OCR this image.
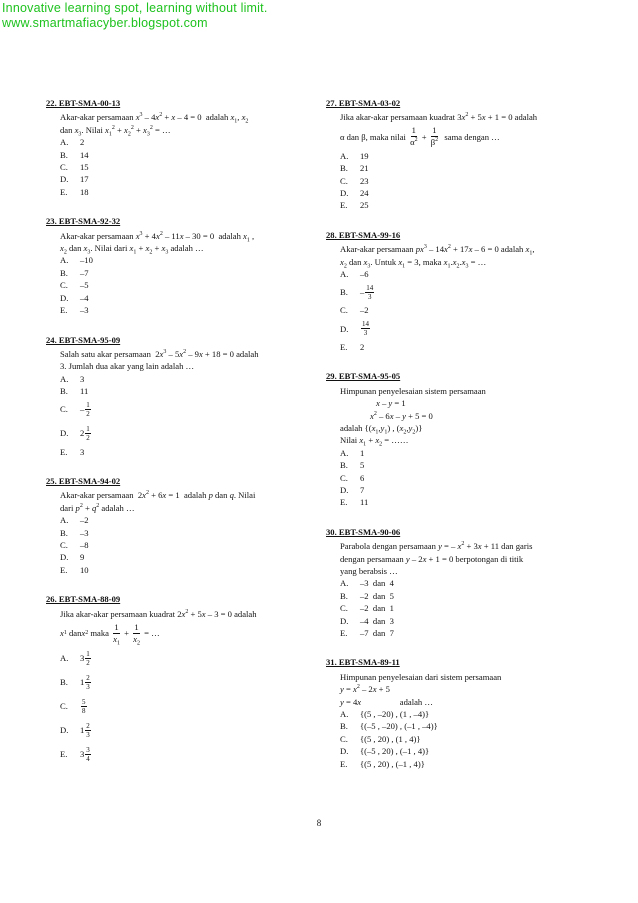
Innovative learning spot, learning without limit.
www.smartmafiacyber.blogspot.com
22. EBT-SMA-00-13
Akar-akar persamaan $x^3 - 4x^2 + x - 4 = 0$  adalah $x_1$, $x_2$
dan $x_3$. Nilai $x_1^2 + x_2^2 + x_3^2$ = …
A.	2
B.	14
C.	15
D.	17
E.	18
23. EBT-SMA-92-32
Akar-akar persamaan $x^3 + 4x^2 - 11x - 30 = 0$  adalah $x_1$ ,
$x_2$ dan $x_3$. Nilai dari $x_1 + x_2 + x_3$ adalah …
A.	–10
B.	–7
C.	–5
D.	–4
E.	–3
24. EBT-SMA-95-09
Salah satu akar persamaan  $2x^3 - 5x^2 - 9x + 18 = 0$ adalah
3. Jumlah dua akar yang lain adalah …
A.	3
B.	11
C.	– $\frac{1}{2}$
D.	$2 \frac{1}{2}$
E.	3
25. EBT-SMA-94-02
Akar-akar persamaan  $2x^2 + 6x = 1$  adalah p dan q. Nilai
dari $p^2 + q^2$ adalah …
A.	–2
B.	–3
C.	–8
D.	9
E.	10
26. EBT-SMA-88-09
Jika akar-akar persamaan kuadrat $2x^2 + 5x - 3 = 0$ adalah
x 1 dan x 2 maka $\frac{1}{x_1} + \frac{1}{x_2}$ = …
A.	$3 \frac{1}{2}$
B.	$1 \frac{2}{3}$
C.	$\frac{5}{8}$
D.	$1 \frac{2}{3}$
E.	$3 \frac{3}{4}$
27. EBT-SMA-03-02
Jika akar-akar persamaan kuadrat $3x^2 + 5x + 1 = 0$ adalah
α dan β, maka nilai $\frac{1}{\alpha^2} + \frac{1}{\beta^2}$ sama dengan …
A.	19
B.	21
C.	23
D.	24
E.	25
28. EBT-SMA-99-16
Akar-akar persamaan $px^3 - 14x^2 + 17x - 6 = 0$ adalah $x_1$,
$x_2$ dan $x_3$. Untuk $x_1 = 3$, maka $x_1.x_2.x_3$ = …
A.	–6
B.	– $\frac{14}{3}$
C.	–2
D.	$\frac{14}{3}$
E.	2
29. EBT-SMA-95-05
Himpunan penyelesaian sistem persamaan
x – y = 1
$x^2 - 6x - y + 5 = 0$
adalah {$(x_1,y_1)$ , $(x_2,y_2)$}
Nilai $x_1 + x_2$ = ……
A.	1
B.	5
C.	6
D.	7
E.	11
30. EBT-SMA-90-06
Parabola dengan persamaan y = – $x^2 + 3x + 11$ dan garis
dengan persamaan y – 2x + 1 = 0 berpotongan di titik
yang berabsis …
A.	–3  dan  4
B.	–2  dan  5
C.	–2  dan  1
D.	–4  dan  3
E.	–7  dan  7
31. EBT-SMA-89-11
Himpunan penyelesaian dari sistem persamaan
$y = x^2 - 2x + 5$
y = 4x                  adalah …
A.	{(5 , –20) , (1 , –4)}
B.	{(–5 , –20) , (–1 , –4)}
C.	{(5 , 20) , (1 , 4)}
D.	{(–5 , 20) , (–1 , 4)}
E.	{(5 , 20) , (–1 , 4)}
8
